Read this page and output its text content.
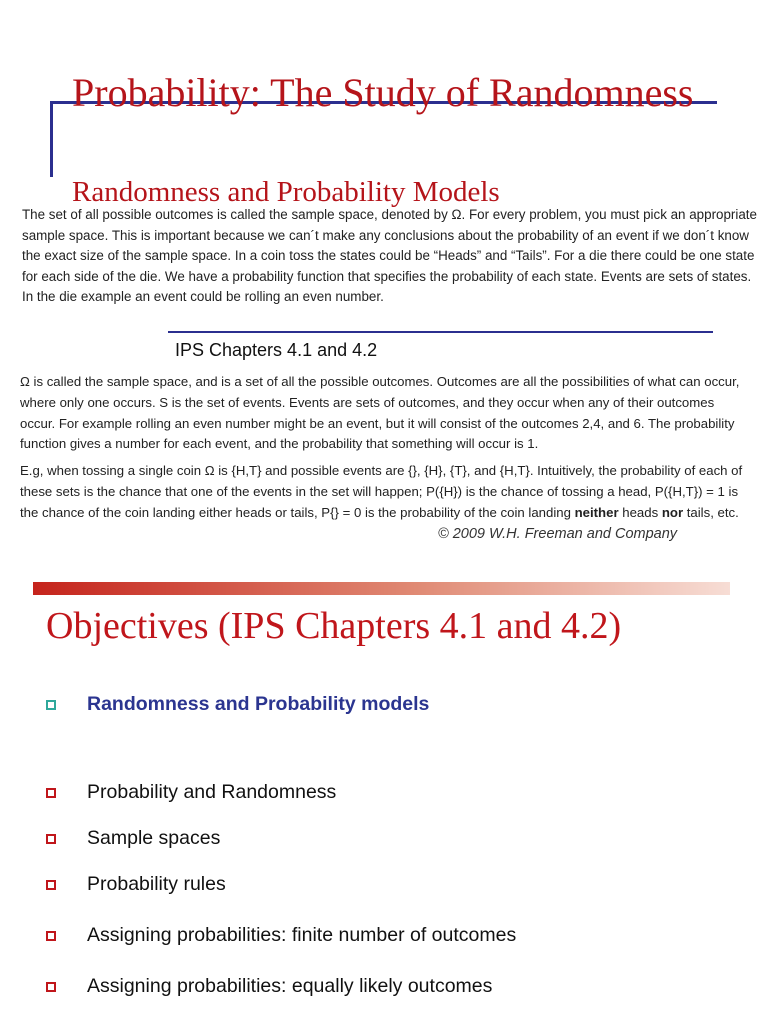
Probability: The Study of Randomness
Randomness and Probability Models
The set of all possible outcomes is called the sample space, denoted by Ω. For every problem, you must pick an appropriate sample space. This is important because we can´t make any conclusions about the probability of an event if we don´t know the exact size of the sample space. In a coin toss the states could be “Heads” and “Tails”. For a die there could be one state for each side of the die. We have a probability function that specifies the probability of each state. Events are sets of states. In the die example an event could be rolling an even number.
IPS Chapters 4.1 and 4.2

Ω is called the sample space, and is a set of all the possible outcomes. Outcomes are all the possibilities of what can occur, where only one occurs. S is the set of events. Events are sets of outcomes, and they occur when any of their outcomes occur. For example rolling an even number might be an event, but it will consist of the outcomes 2,4, and 6. The probability function gives a number for each event, and the probability that something will occur is 1.

E.g, when tossing a single coin Ω is {H,T} and possible events are {}, {H}, {T}, and {H,T}. Intuitively, the probability of each of these sets is the chance that one of the events in the set will happen; P({H}) is the chance of tossing a head, P({H,T}) = 1 is the chance of the coin landing either heads or tails, P{} = 0 is the probability of the coin landing neither heads nor tails, etc.

© 2009 W.H. Freeman and Company
Objectives (IPS Chapters 4.1 and 4.2)
Randomness and Probability models
Probability and Randomness
Sample spaces
Probability rules
Assigning probabilities: finite number of outcomes
Assigning probabilities: equally likely outcomes
